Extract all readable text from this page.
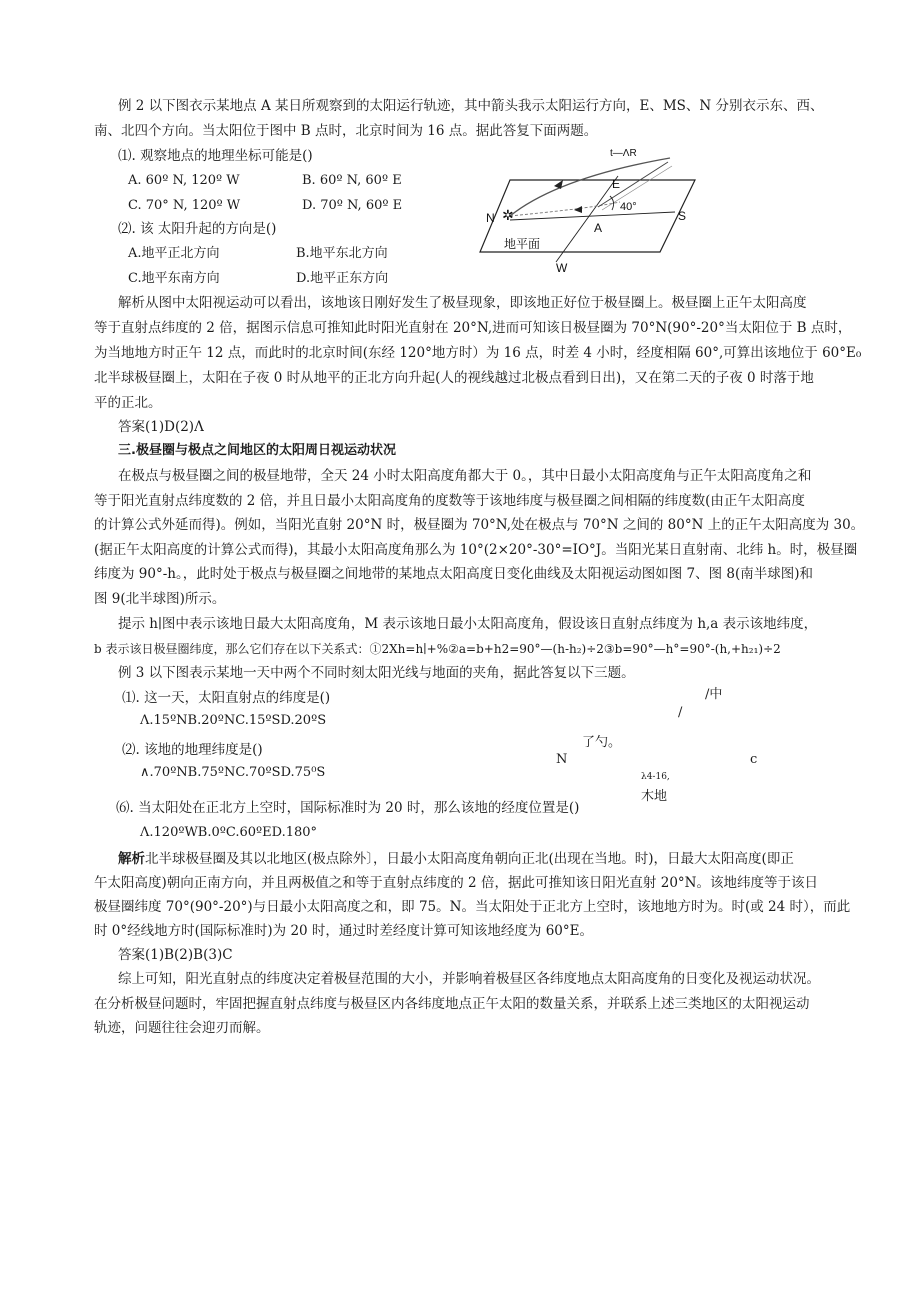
例 2 以下图衣示某地点 A 某日所观察到的太阳运行轨迹，其中箭头我示太阳运行方向，E、MS、N 分别衣示东、西、
南、北四个方向。当太阳位于图中 B 点时，北京时间为 16 点。据此答复下面两题。
⑴. 观察地点的地理坐标可能是()
A. 60º N, 120º W	B. 60º N, 60º E
C. 70° N, 120º W	D. 70º N, 60º E
⑵. 该 太阳升起的方向是()
A.地平正北方向	B.地平东北方向
C.地平东南方向	D.地平正东方向
✲
t—ΛR
E
N	S
W
A
40°
地平面
解析从图中太阳视运动可以看出，该地该日刚好发生了极昼现象，即该地正好位于极昼圈上。极昼圈上正午太阳高度
等于直射点纬度的 2 倍，据图示信息可推知此时阳光直射在 20°N,进而可知该日极昼圈为 70°N(90°-20°当太阳位于 B 点时，
为当地地方时正午 12 点，而此时的北京时间(东经 120°地方时）为 16 点，时差 4 小时，经度相隔 60°,可算出该地位于 60°E₀
北半球极昼圈上，太阳在子夜 0 时从地平的正北方向升起(人的视线越过北极点看到日出)，又在第二天的子夜 0 时落于地
平的正北。
答案(1)D(2)Λ
三.极昼圈与极点之间地区的太阳周日视运动状况
在极点与极昼圈之间的极昼地带，全天 24 小时太阳高度角都大于 0。，其中日最小太阳高度角与正午太阳高度角之和
等于阳光直射点纬度数的 2 倍，并且日最小太阳高度角的度数等于该地纬度与极昼圈之间相隔的纬度数(由正午太阳高度
的计算公式外延而得)。例如，当阳光直射 20°N 时，极昼圈为 70°N,处在极点与 70°N 之间的 80°N 上的正午太阳高度为 30。
(据正午太阳高度的计算公式而得)，其最小太阳高度角那么为 10°(2×20°-30°=IO°J。当阳光某日直射南、北纬 h。时，极昼圈
纬度为 90°-h。，此时处于极点与极昼圈之间地带的某地点太阳高度日变化曲线及太阳视运动图如图 7、图 8(南半球图)和
图 9(北半球图)所示。
提示 h∣图中表示该地日最大太阳高度角，M 表示该地日最小太阳高度角，假设该日直射点纬度为 h,a 表示该地纬度，
b 表示该日极昼圈纬度，那么它们存在以下关系式：①2Xh=h∣+%②a=b+h2=90°—(h-h₂)÷2③b=90°—h°=90°-(h,+h₂₁)÷2
例 3 以下图表示某地一天中两个不同时刻太阳光线与地面的夹角，据此答复以下三题。
⑴. 这一天，太阳直射点的纬度是()
Λ.15ºNB.20ºNC.15ºSD.20ºS
⑵. 该地的地理纬度是()
∧.70ºNB.75ºNC.70ºSD.75⁰S
⑹. 当太阳处在正北方上空时，国际标准时为 20 时，那么该地的经度位置是()
Λ.120ºWB.0ºC.60ºED.180°
/中
/
了勺。
N	c
λ4-16,
木地
解析北半球极昼圈及其以北地区(极点除外〕，日最小太阳高度角朝向正北(出现在当地。时)，日最大太阳高度(即正
午太阳高度)朝向正南方向，并且两极值之和等于直射点纬度的 2 倍，据此可推知该日阳光直射 20°N。该地纬度等于该日
极昼圈纬度 70°(90°-20°)与日最小太阳高度之和，即 75。N。当太阳处于正北方上空时，该地地方时为。时(或 24 时），而此
时 0°经线地方时(国际标准时)为 20 时，通过时差经度计算可知该地经度为 60°E。
答案(1)B(2)B(3)C
综上可知，阳光直射点的纬度决定着极昼范围的大小，并影响着极昼区各纬度地点太阳高度角的日变化及视运动状况。
在分析极昼问题时，牢固把握直射点纬度与极昼区内各纬度地点正午太阳的数量关系，并联系上述三类地区的太阳视运动
轨迹，问题往往会迎刃而解。
